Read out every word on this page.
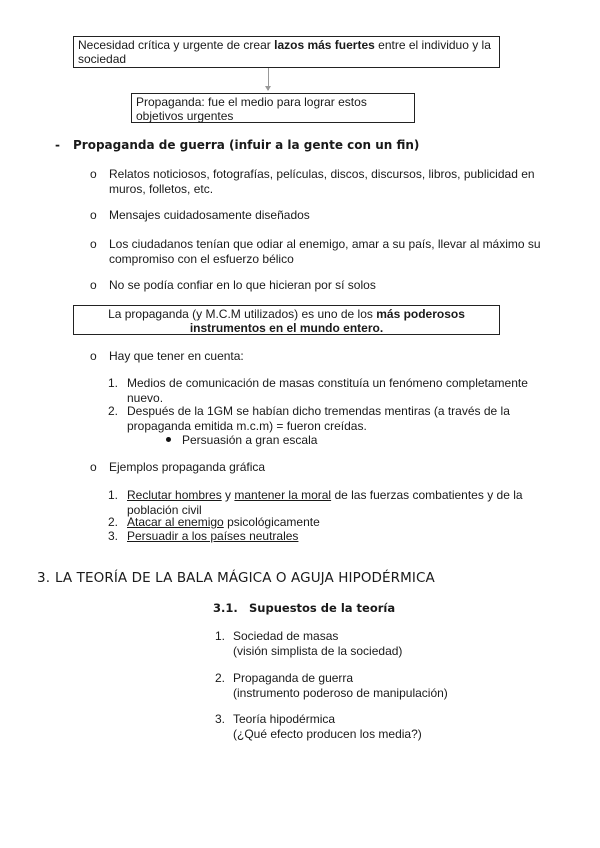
Necesidad crítica y urgente de crear lazos más fuertes entre el individuo y la
sociedad
Propaganda: fue el medio para lograr estos
objetivos urgentes
- Propaganda de guerra (infuir a la gente con un fin)
o Relatos noticiosos, fotografías, películas, discos, discursos, libros, publicidad en
muros, folletos, etc.
o Mensajes cuidadosamente diseñados
o Los ciudadanos tenían que odiar al enemigo, amar a su país, llevar al máximo su
compromiso con el esfuerzo bélico
o No se podía confiar en lo que hicieran por sí solos
La propaganda (y M.C.M utilizados) es uno de los más poderosos
instrumentos en el mundo entero.
o Hay que tener en cuenta:
1. Medios de comunicación de masas constituía un fenómeno completamente
nuevo.
2. Después de la 1GM se habían dicho tremendas mentiras (a través de la
propaganda emitida m.c.m) = fueron creídas.
Persuasión a gran escala
o Ejemplos propaganda gráfica
1. Reclutar hombres y mantener la moral de las fuerzas combatientes y de la
población civil
2. Atacar al enemigo psicológicamente
3. Persuadir a los países neutrales
3. LA TEORÍA DE LA BALA MÁGICA O AGUJA HIPODÉRMICA
3.1. Supuestos de la teoría
1. Sociedad de masas
(visión simplista de la sociedad)
2. Propaganda de guerra
(instrumento poderoso de manipulación)
3. Teoría hipodérmica
(¿Qué efecto producen los media?)
